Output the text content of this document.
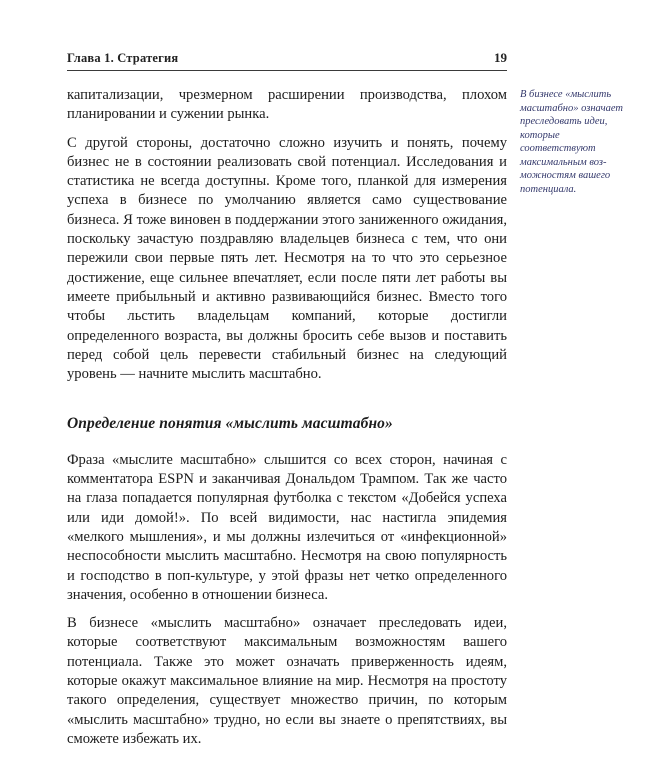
Глава 1. Стратегия	19

капитализации, чрезмерном расширении производства, плохом планировании и сужении рынка.

С другой стороны, достаточно сложно изучить и понять, почему бизнес не в состоянии реализовать свой потенциал. Исследования и статистика не всегда доступны. Кроме того, планкой для измерения успеха в бизнесе по умолчанию является само существование бизнеса. Я тоже виновен в поддержании этого заниженного ожидания, поскольку зачастую поздравляю владельцев бизнеса с тем, что они пережили свои первые пять лет. Несмотря на то что это серьезное достижение, еще сильнее впечатляет, если после пяти лет работы вы имеете прибыльный и активно развивающийся бизнес. Вместо того чтобы льстить владельцам компаний, которые достигли определенного возраста, вы должны бросить себе вызов и поставить перед собой цель перевести стабильный бизнес на следующий уровень — начните мыслить масштабно.

Определение понятия «мыслить масштабно»

Фраза «мыслите масштабно» слышится со всех сторон, начиная с комментатора ESPN и заканчивая Дональдом Трампом. Так же часто на глаза попадается популярная футболка с текстом «Добейся успеха или иди домой!». По всей видимости, нас настигла эпидемия «мелкого мышления», и мы должны излечиться от «инфекционной» неспособности мыслить масштабно. Несмотря на свою популярность и господство в поп-культуре, у этой фразы нет четко определенного значения, особенно в отношении бизнеса.

В бизнесе «мыслить масштабно» означает преследовать идеи, которые соответствуют максимальным возможностям вашего потенциала. Также это может означать приверженность идеям, которые окажут максимальное влияние на мир. Несмотря на простоту такого определения, существует множество причин, по которым «мыслить масштабно» трудно, но если вы знаете о препятствиях, вы сможете избежать их.

В бизнесе «мыслить масштабно» означает преследовать идеи, которые соответствуют максимальным возможностям вашего потенциала.
